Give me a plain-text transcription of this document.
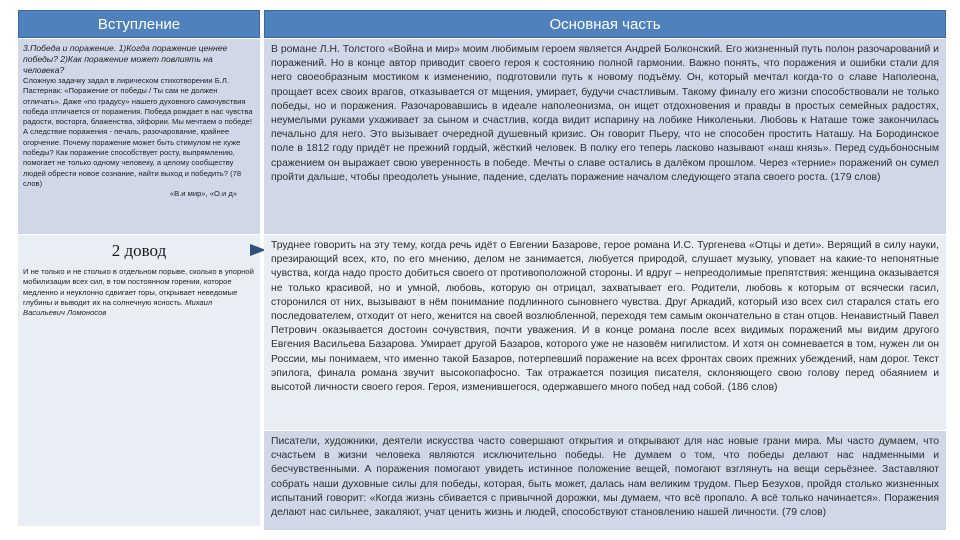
Вступление	Основная часть
3.Победа и поражение. 1)Когда поражение ценнее победы? 2)Как поражение может повлиять на человека?
Сложную задачку задал в лирическом стихотворении Б.Л. Пастернак: «Поражение от победы / Ты сам не должен отличать». Даже «по градусу» нашего духовного самочувствия победа отличается от поражения. Победа рождает в нас чувства радости, восторга, блаженства, эйфории. Мы мечтаем о победе! А следствие поражения - печаль, разочарование, крайнее огорчение. Почему поражение может быть стимулом не хуже победы? Как поражение способствует росту, выпрямлению, помогает не только одному человеку, а целому сообществу людей обрести новое сознание, найти выход и победить? (78 слов)
«В.и мир», «О.и д»
2 довод
И не только и не столько в отдельном порыве, сколько в упорной мобилизации всех сил, в том постоянном горении, которое медленно и неуклонно сдвигает горы, открывает неведомые глубины и выводит их на солнечную ясность. Михаил Васильевич Ломоносов
В романе Л.Н. Толстого «Война и мир» моим любимым героем является Андрей Болконский. Его жизненный путь полон разочарований и поражений. Но в конце автор приводит своего героя к состоянию полной гармонии. Важно понять, что поражения и ошибки стали для него своеобразным мостиком к изменению, подготовили путь к новому подъёму. Он, который мечтал когда-то о славе Наполеона, прощает всех своих врагов, отказывается от мщения, умирает, будучи счастливым. Такому финалу его жизни способствовали не только победы, но и поражения. Разочаровавшись в идеале наполеонизма, он ищет отдохновения и правды в простых семейных радостях, неумелыми руками ухаживает за сыном и счастлив, когда видит испарину на лобике Николеньки. Любовь к Наташе тоже закончилась печально для него. Это вызывает очередной душевный кризис. Он говорит Пьеру, что не способен простить Наташу. На Бородинское поле в 1812 году придёт не прежний гордый, жёсткий человек. В полку его теперь ласково называют «наш князь». Перед судьбоносным сражением он выражает свою уверенность в победе. Мечты о славе остались в далёком прошлом. Через «терние» поражений он сумел пройти дальше, чтобы преодолеть уныние, падение, сделать поражение началом следующего этапа своего роста. (179 слов)
Труднее говорить на эту тему, когда речь идёт о Евгении Базарове, герое романа И.С. Тургенева «Отцы и дети». Верящий в силу науки, презирающий всех, кто, по его мнению, делом не занимается, любуется природой, слушает музыку, уповает на какие-то непонятные чувства, когда надо просто добиться своего от противоположной стороны. И вдруг – непреодолимые препятствия: женщина оказывается не только красивой, но и умной, любовь, которую он отрицал, захватывает его. Родители, любовь к которым от всячески гасил, сторонился от них, вызывают в нём понимание подлинного сыновнего чувства. Друг Аркадий, который изо всех сил старался стать его последователем, отходит от него, женится на своей возлюбленной, переходя тем самым окончательно в стан отцов. Ненавистный Павел Петрович оказывается достоин сочувствия, почти уважения. И в конце романа после всех видимых поражений мы видим другого Евгения Васильева Базарова. Умирает другой Базаров, которого уже не назовём нигилистом. И хотя он сомневается в том, нужен ли он России, мы понимаем, что именно такой Базаров, потерпевший поражение на всех фронтах своих прежних убеждений, нам дорог. Текст эпилога, финала романа звучит высокопафосно. Так отражается позиция писателя, склоняющего свою голову перед обаянием и высотой личности своего героя. Героя, изменившегося, одержавшего много побед над собой. (186 слов)
Писатели, художники, деятели искусства часто совершают открытия и открывают для нас новые грани мира. Мы часто думаем, что счастьем в жизни человека являются исключительно победы. Не думаем о том, что победы делают нас надменными и бесчувственными. А поражения помогают увидеть истинное положение вещей, помогают взглянуть на вещи серьёзнее. Заставляют собрать наши духовные силы для победы, которая, быть может, далась нам великим трудом. Пьер Безухов, пройдя столько жизненных испытаний говорит: «Когда жизнь сбивается с привычной дорожки, мы думаем, что всё пропало. А всё только начинается». Поражения делают нас сильнее, закаляют, учат ценить жизнь и людей, способствуют становлению нашей личности. (79 слов)
